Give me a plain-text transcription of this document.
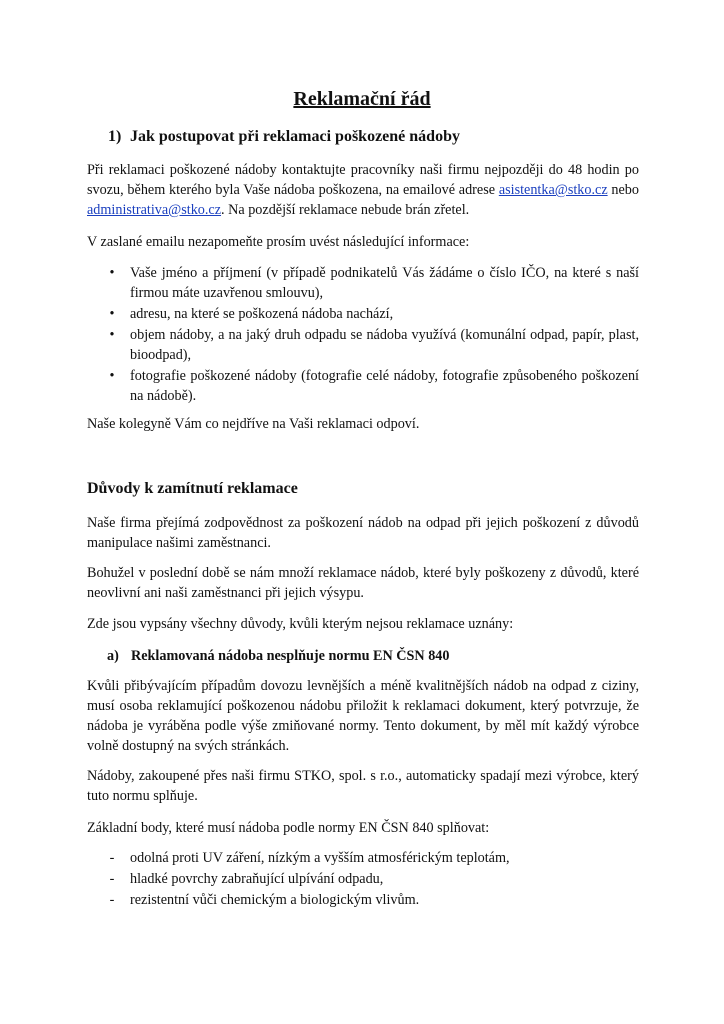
Reklamační řád
1) Jak postupovat při reklamaci poškozené nádoby
Při reklamaci poškozené nádoby kontaktujte pracovníky naši firmu nejpozději do 48 hodin po svozu, během kterého byla Vaše nádoba poškozena, na emailové adrese asistentka@stko.cz nebo administrativa@stko.cz. Na pozdější reklamace nebude brán zřetel.
V zaslané emailu nezapomeňte prosím uvést následující informace:
•	Vaše jméno a příjmení (v případě podnikatelů Vás žádáme o číslo IČO, na které s naší firmou máte uzavřenou smlouvu),
•	adresu, na které se poškozená nádoba nachází,
•	objem nádoby, a na jaký druh odpadu se nádoba využívá (komunální odpad, papír, plast, bioodpad),
•	fotografie poškozené nádoby (fotografie celé nádoby, fotografie způsobeného poškození na nádobě).
Naše kolegyně Vám co nejdříve na Vaši reklamaci odpoví.
Důvody k zamítnutí reklamace
Naše firma přejímá zodpovědnost za poškození nádob na odpad při jejich poškození z důvodů manipulace našimi zaměstnanci.
Bohužel v poslední době se nám množí reklamace nádob, které byly poškozeny z důvodů, které neovlivní ani naši zaměstnanci při jejich výsypu.
Zde jsou vypsány všechny důvody, kvůli kterým nejsou reklamace uznány:
a) Reklamovaná nádoba nesplňuje normu EN ČSN 840
Kvůli přibývajícím případům dovozu levnějších a méně kvalitnějších nádob na odpad z ciziny, musí osoba reklamující poškozenou nádobu přiložit k reklamaci dokument, který potvrzuje, že nádoba je vyráběna podle výše zmiňované normy. Tento dokument, by měl mít každý výrobce volně dostupný na svých stránkách.
Nádoby, zakoupené přes naši firmu STKO, spol. s r.o., automaticky spadají mezi výrobce, který tuto normu splňuje.
Základní body, které musí nádoba podle normy EN ČSN 840 splňovat:
-	odolná proti UV záření, nízkým a vyšším atmosférickým teplotám,
-	hladké povrchy zabraňující ulpívání odpadu,
-	rezistentní vůči chemickým a biologickým vlivům.
